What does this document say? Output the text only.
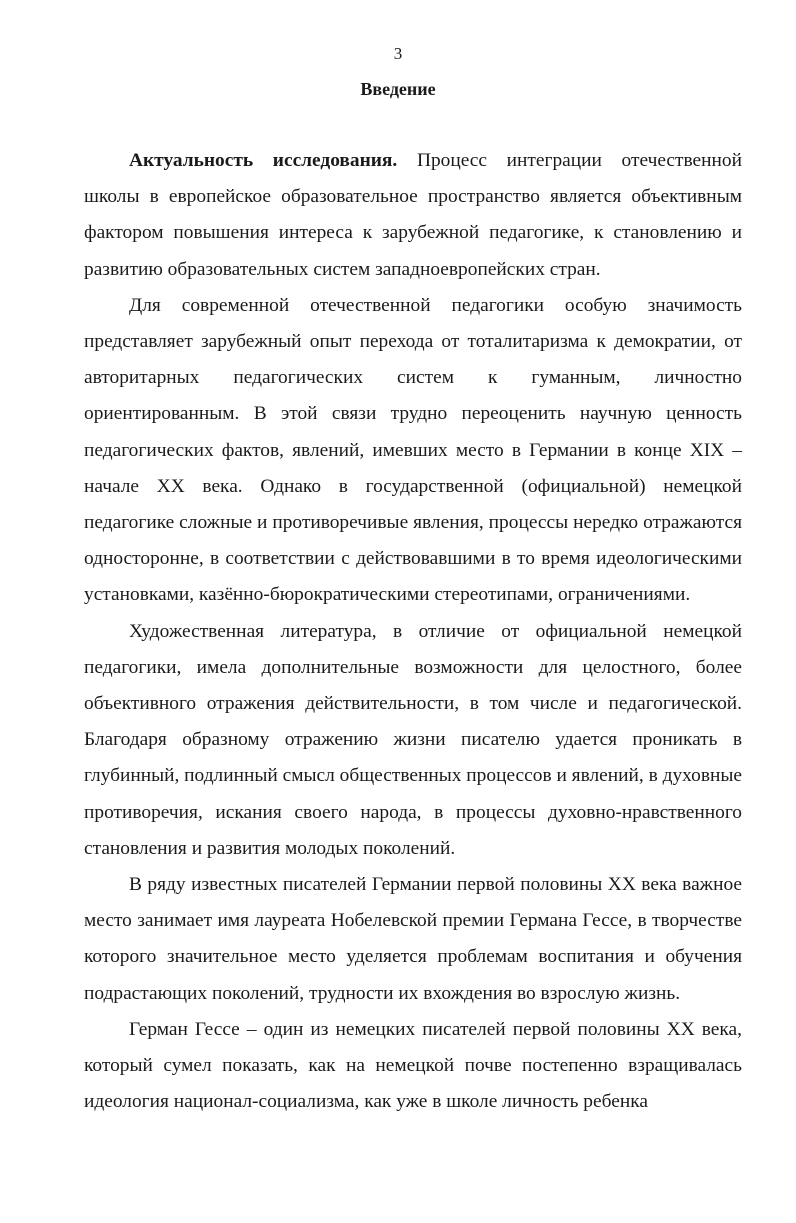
3
Введение

Актуальность исследования. Процесс интеграции отечественной школы в европейское образовательное пространство является объективным фактором повышения интереса к зарубежной педагогике, к становлению и развитию образовательных систем западноевропейских стран.

Для современной отечественной педагогики особую значимость представляет зарубежный опыт перехода от тоталитаризма к демократии, от авторитарных педагогических систем к гуманным, личностно ориентированным. В этой связи трудно переоценить научную ценность педагогических фактов, явлений, имевших место в Германии в конце XIX – начале XX века. Однако в государственной (официальной) немецкой педагогике сложные и противоречивые явления, процессы нередко отражаются односторонне, в соответствии с действовавшими в то время идеологическими установками, казённо-бюрократическими стереотипами, ограничениями.

Художественная литература, в отличие от официальной немецкой педагогики, имела дополнительные возможности для целостного, более объективного отражения действительности, в том числе и педагогической. Благодаря образному отражению жизни писателю удается проникать в глубинный, подлинный смысл общественных процессов и явлений, в духовные противоречия, искания своего народа, в процессы духовно-нравственного становления и развития молодых поколений.

В ряду известных писателей Германии первой половины XX века важное место занимает имя лауреата Нобелевской премии Германа Гессе, в творчестве которого значительное место уделяется проблемам воспитания и обучения подрастающих поколений, трудности их вхождения во взрослую жизнь.

Герман Гессе – один из немецких писателей первой половины XX века, который сумел показать, как на немецкой почве постепенно взращивалась идеология национал-социализма, как уже в школе личность ребенка
